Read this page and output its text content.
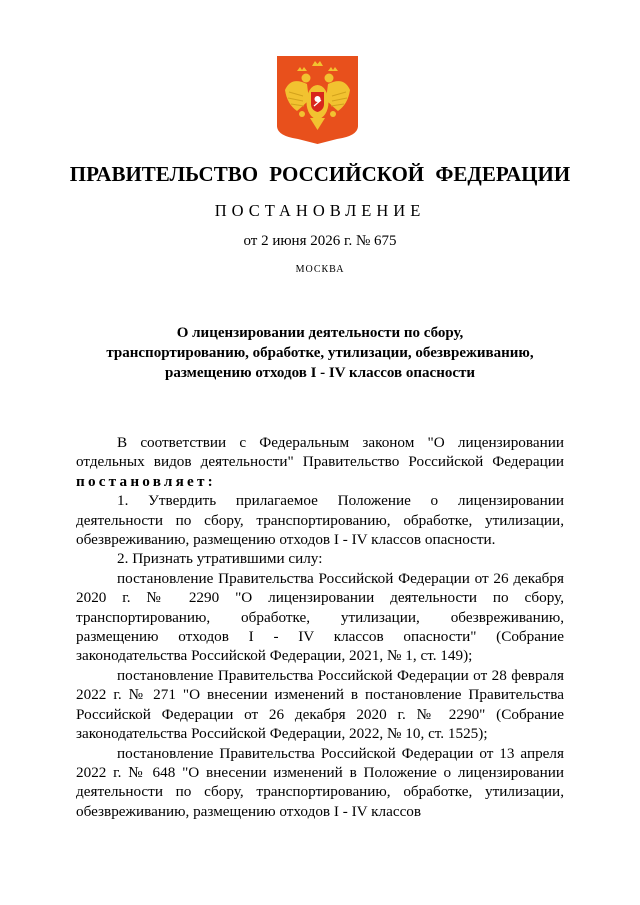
ПРАВИТЕЛЬСТВО РОССИЙСКОЙ ФЕДЕРАЦИИ
ПОСТАНОВЛЕНИЕ
от 2 июня 2026 г. № 675
МОСКВА
О лицензировании деятельности по сбору,
транспортированию, обработке, утилизации, обезвреживанию,
размещению отходов I - IV классов опасности

В соответствии с Федеральным законом "О лицензировании отдельных видов деятельности" Правительство Российской Федерации постановляет:

1. Утвердить прилагаемое Положение о лицензировании деятельности по сбору, транспортированию, обработке, утилизации, обезвреживанию, размещению отходов I - IV классов опасности.

2. Признать утратившими силу:

постановление Правительства Российской Федерации от 26 декабря 2020 г. № 2290 "О лицензировании деятельности по сбору, транспортированию, обработке, утилизации, обезвреживанию, размещению отходов I - IV классов опасности" (Собрание законодательства Российской Федерации, 2021, № 1, ст. 149);

постановление Правительства Российской Федерации от 28 февраля 2022 г. № 271 "О внесении изменений в постановление Правительства Российской Федерации от 26 декабря 2020 г. № 2290" (Собрание законодательства Российской Федерации, 2022, № 10, ст. 1525);

постановление Правительства Российской Федерации от 13 апреля 2022 г. № 648 "О внесении изменений в Положение о лицензировании деятельности по сбору, транспортированию, обработке, утилизации, обезвреживанию, размещению отходов I - IV классов
